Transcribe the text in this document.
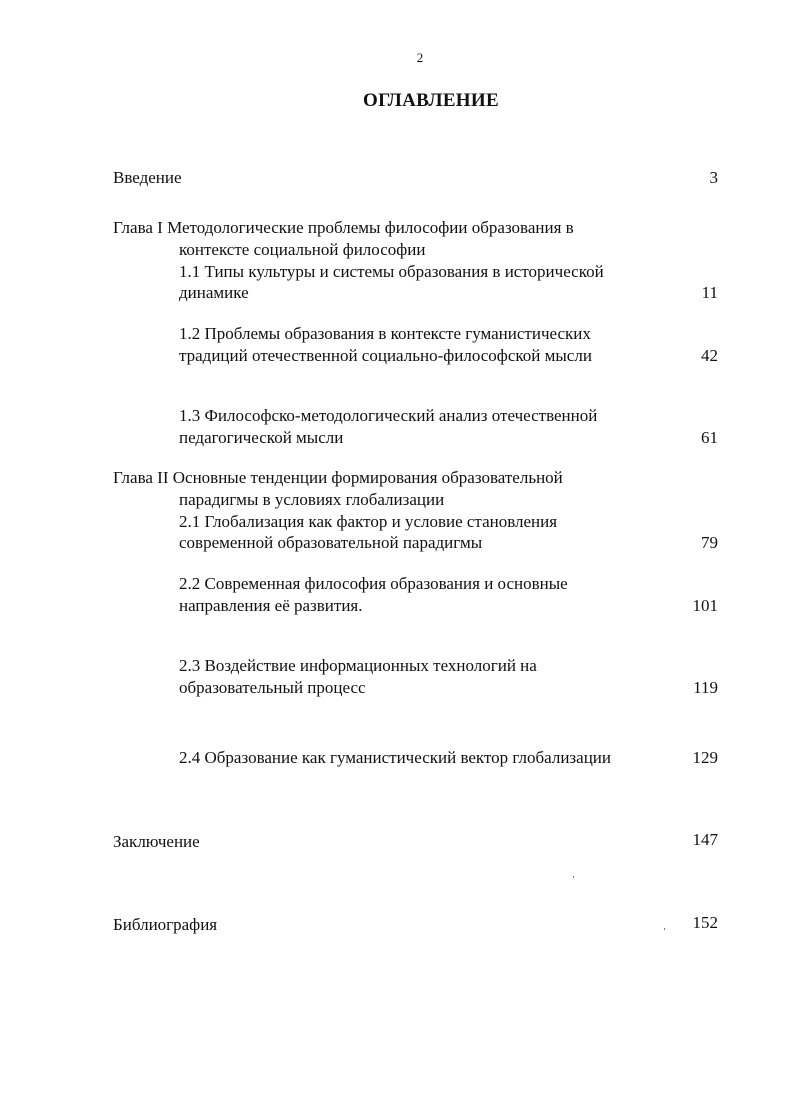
2
ОГЛАВЛЕНИЕ
Введение	3
Глава I Методологические проблемы философии образования в
контексте социальной философии
1.1 Типы культуры и системы образования в исторической
динамике	11
1.2 Проблемы образования в контексте гуманистических
традиций отечественной социально-философской мысли	42
1.3 Философско-методологический анализ отечественной
педагогической мысли	61
Глава II Основные тенденции формирования образовательной
парадигмы в условиях глобализации
2.1 Глобализация как фактор и условие становления
современной образовательной парадигмы	79
2.2 Современная философия образования и основные
направления её развития.	101
2.3 Воздействие информационных технологий на
образовательный процесс	119
2.4 Образование как гуманистический вектор глобализации	129
Заключение	147
Библиография	152
